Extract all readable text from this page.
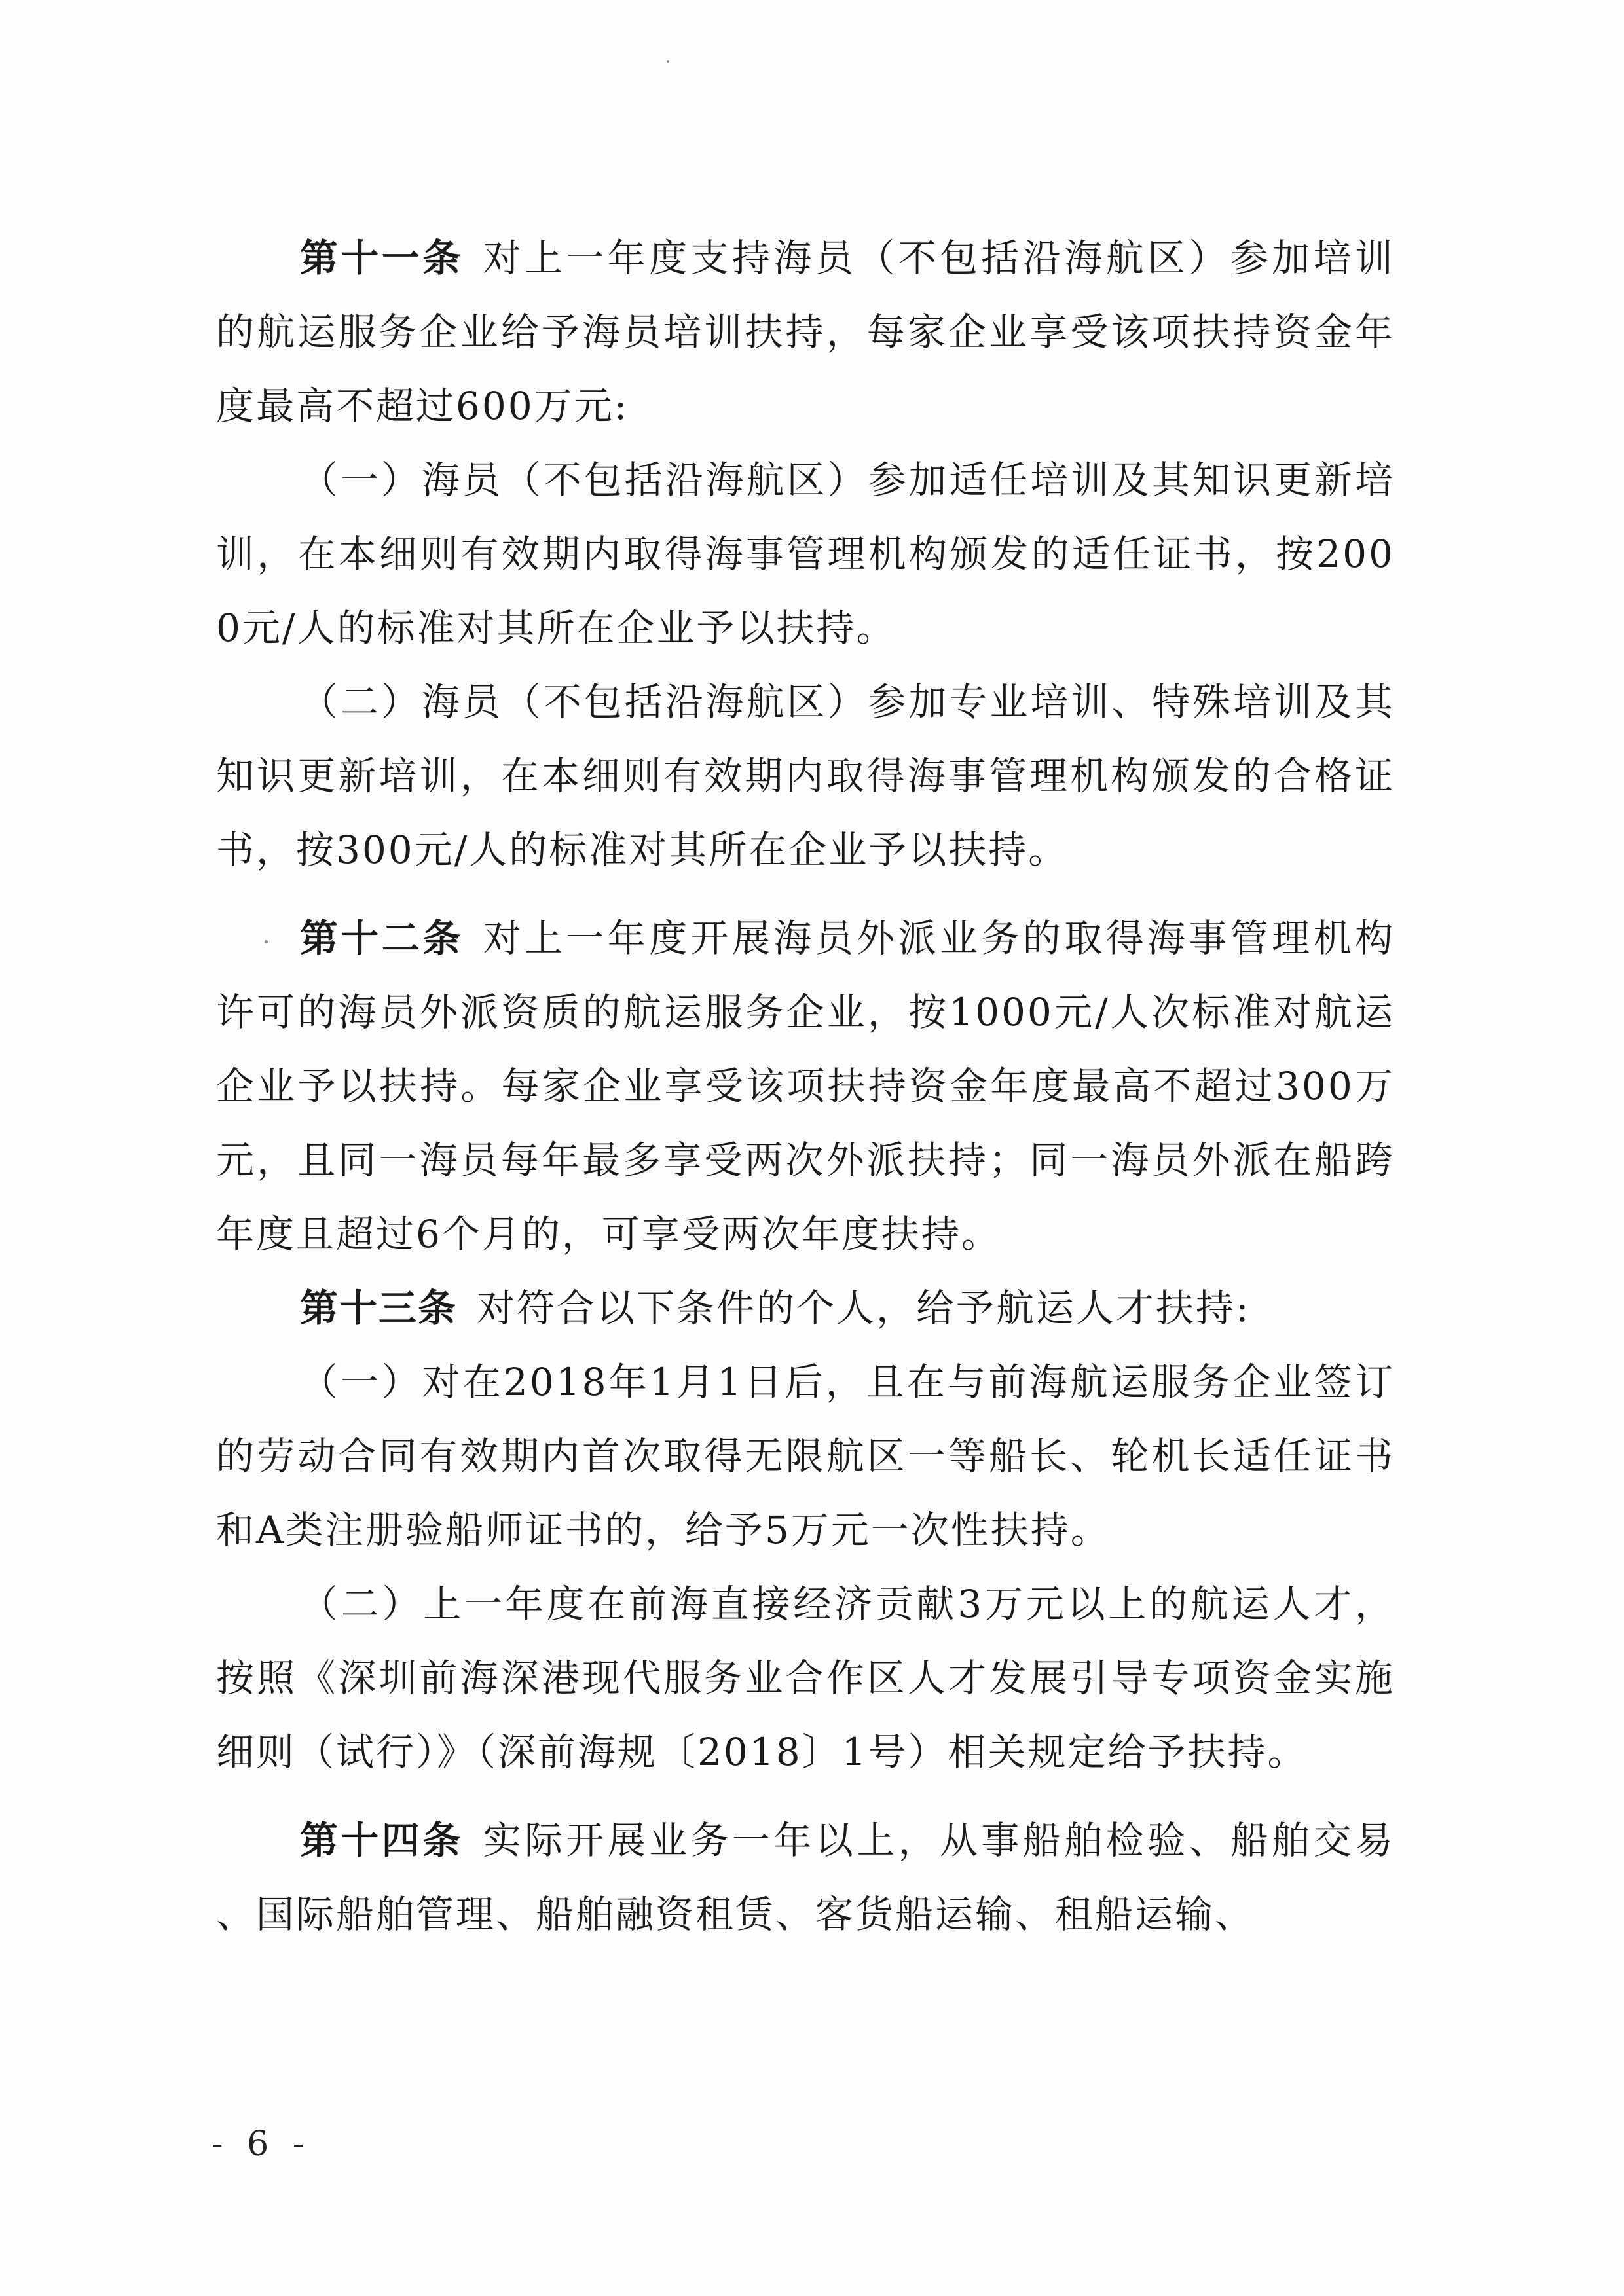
第十一条 对上一年度支持海员（不包括沿海航区）参加培训的航运服务企业给予海员培训扶持，每家企业享受该项扶持资金年度最高不超过600万元:

（一）海员（不包括沿海航区）参加适任培训及其知识更新培训，在本细则有效期内取得海事管理机构颁发的适任证书，按2000元/人的标准对其所在企业予以扶持。

（二）海员（不包括沿海航区）参加专业培训、特殊培训及其知识更新培训，在本细则有效期内取得海事管理机构颁发的合格证书，按300元/人的标准对其所在企业予以扶持。

第十二条 对上一年度开展海员外派业务的取得海事管理机构许可的海员外派资质的航运服务企业，按1000元/人次标准对航运企业予以扶持。每家企业享受该项扶持资金年度最高不超过300万元，且同一海员每年最多享受两次外派扶持；同一海员外派在船跨年度且超过6个月的，可享受两次年度扶持。

第十三条 对符合以下条件的个人，给予航运人才扶持:

（一）对在2018年1月1日后，且在与前海航运服务企业签订的劳动合同有效期内首次取得无限航区一等船长、轮机长适任证书和A类注册验船师证书的，给予5万元一次性扶持。

（二）上一年度在前海直接经济贡献3万元以上的航运人才，按照《深圳前海深港现代服务业合作区人才发展引导专项资金实施细则（试行）》（深前海规〔2018〕1号）相关规定给予扶持。

第十四条 实际开展业务一年以上，从事船舶检验、船舶交易、国际船舶管理、船舶融资租赁、客货船运输、租船运输、

- 6 -
